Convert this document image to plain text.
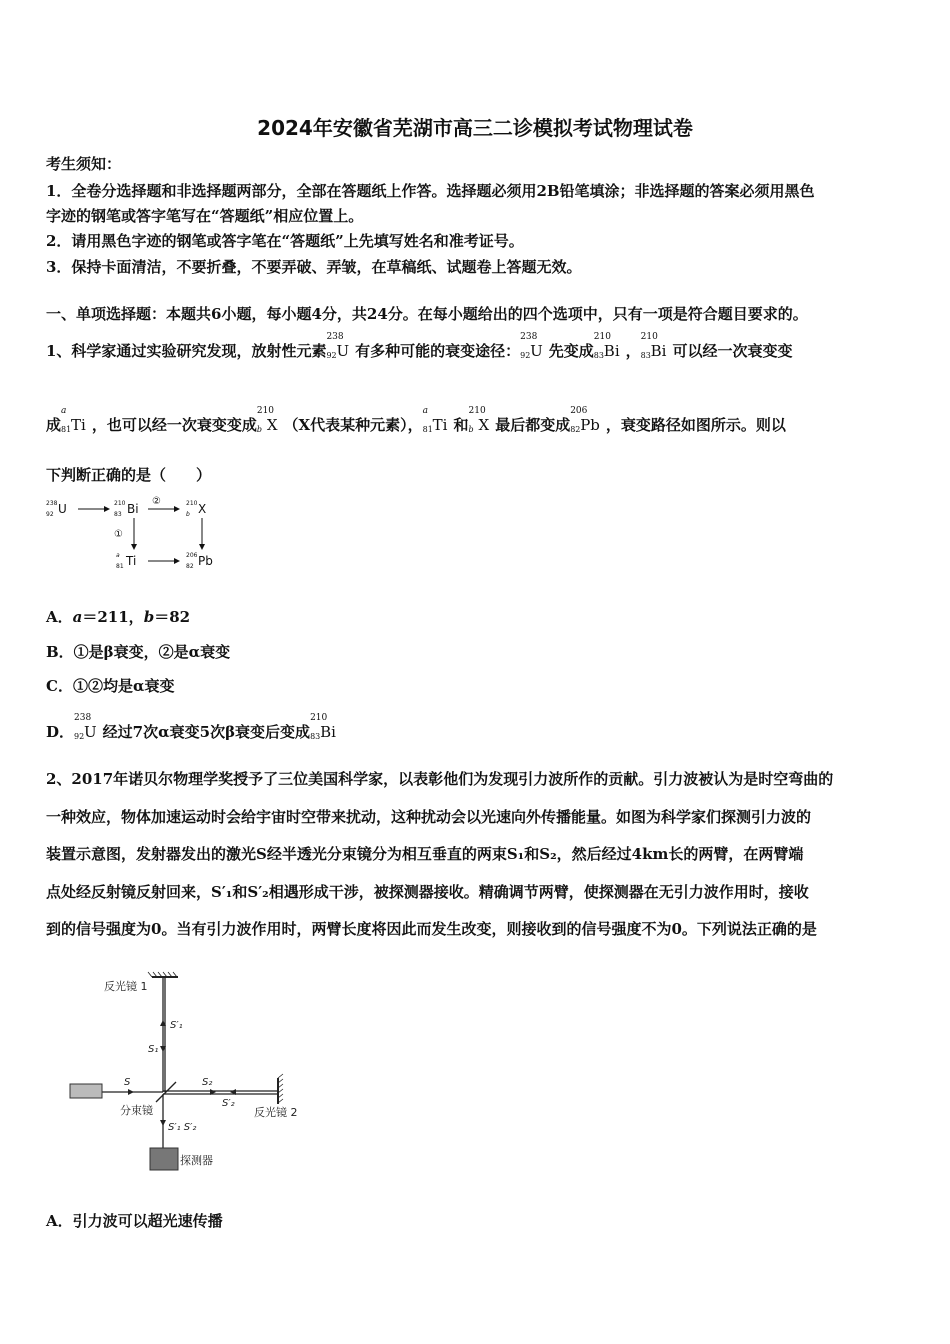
2024年安徽省芜湖市高三二诊模拟考试物理试卷
考生须知：
1．全卷分选择题和非选择题两部分，全部在答题纸上作答。选择题必须用2B铅笔填涂；非选择题的答案必须用黑色
字迹的钢笔或答字笔写在“答题纸”相应位置上。
2．请用黑色字迹的钢笔或答字笔在“答题纸”上先填写姓名和准考证号。
3．保持卡面清洁，不要折叠，不要弄破、弄皱，在草稿纸、试题卷上答题无效。
一、单项选择题：本题共6小题，每小题4分，共24分。在每小题给出的四个选项中，只有一项是符合题目要求的。
1、科学家通过实验研究发现，放射性元素
238
92 U 有多种可能的衰变途径：
238
92 U 先变成
210
83 Bi ，
210
83 Bi 可以经一次衰变变
成
a
81 Ti ，也可以经一次衰变变成
210
b X （X代表某种元素），
a
81 Ti 和
210
b X 最后都变成
206
82 Pb ，衰变路径如图所示。则以
下判断正确的是（　　）
238
92 U	210
83 Bi	210
b X
a
81 Ti	206
82 Pb
②
①
A．a＝211，b＝82
B．①是β衰变，②是α衰变
C．①②均是α衰变
D．
238
92 U 经过7次α衰变5次β衰变后变成
210
83 Bi
2、2017年诺贝尔物理学奖授予了三位美国科学家，以表彰他们为发现引力波所作的贡献。引力波被认为是时空弯曲的
一种效应，物体加速运动时会给宇宙时空带来扰动，这种扰动会以光速向外传播能量。如图为科学家们探测引力波的
装置示意图，发射器发出的激光S经半透光分束镜分为相互垂直的两束S₁和S₂，然后经过4km长的两臂，在两臂端
点处经反射镜反射回来，S′₁和S′₂相遇形成干涉，被探测器接收。精确调节两臂，使探测器在无引力波作用时，接收
到的信号强度为0。当有引力波作用时，两臂长度将因此而发生改变，则接收到的信号强度不为0。下列说法正确的是
反光镜 1
S′₁
S₁
S	S₂
S′₂
分束镜	反光镜 2
S′₁ S′₂
探测器
A．引力波可以超光速传播
